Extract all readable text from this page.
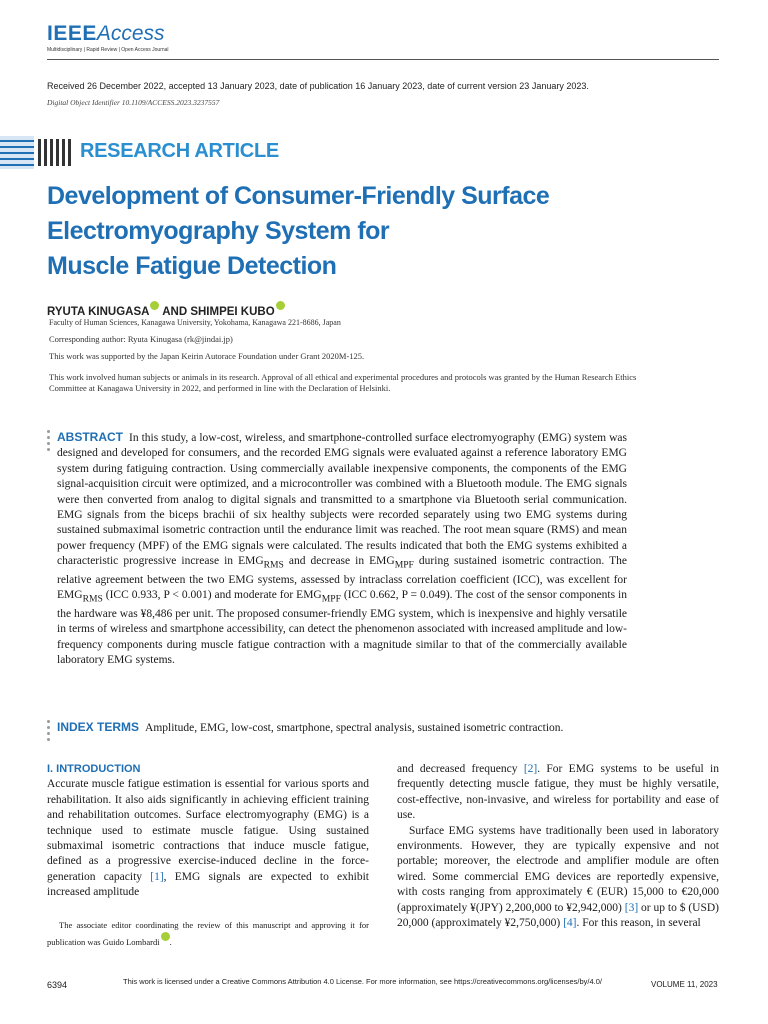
IEEEAccess
Multidisciplinary | Rapid Review | Open Access Journal
Received 26 December 2022, accepted 13 January 2023, date of publication 16 January 2023, date of current version 23 January 2023.
Digital Object Identifier 10.1109/ACCESS.2023.3237557
RESEARCH ARTICLE
Development of Consumer-Friendly Surface
Electromyography System for
Muscle Fatigue Detection
RYUTA KINUGASA AND SHIMPEI KUBO
Faculty of Human Sciences, Kanagawa University, Yokohama, Kanagawa 221-8686, Japan
Corresponding author: Ryuta Kinugasa (rk@jindai.jp)
This work was supported by the Japan Keirin Autorace Foundation under Grant 2020M-125.
This work involved human subjects or animals in its research. Approval of all ethical and experimental procedures and protocols was granted by the Human Research Ethics Committee at Kanagawa University in 2022, and performed in line with the Declaration of Helsinki.
ABSTRACT In this study, a low-cost, wireless, and smartphone-controlled surface electromyography (EMG) system was designed and developed for consumers, and the recorded EMG signals were evaluated against a reference laboratory EMG system during fatiguing contraction. Using commercially available inexpensive components, the components of the EMG signal-acquisition circuit were optimized, and a microcontroller was combined with a Bluetooth module. The EMG signals were then converted from analog to digital signals and transmitted to a smartphone via Bluetooth serial communication. EMG signals from the biceps brachii of six healthy subjects were recorded separately using two EMG systems during sustained submaximal isometric contraction until the endurance limit was reached. The root mean square (RMS) and mean power frequency (MPF) of the EMG signals were calculated. The results indicated that both the EMG systems exhibited a characteristic progressive increase in $EMG_{RMS}$ and decrease in $EMG_{MPF}$ during sustained isometric contraction. The relative agreement between the two EMG systems, assessed by intraclass correlation coefficient (ICC), was excellent for $EMG_{RMS}$ (ICC 0.933, P < 0.001) and moderate for $EMG_{MPF}$ (ICC 0.662, P = 0.049). The cost of the sensor components in the hardware was ¥8,486 per unit. The proposed consumer-friendly EMG system, which is inexpensive and highly versatile in terms of wireless and smartphone accessibility, can detect the phenomenon associated with increased amplitude and low-frequency components during muscle fatigue contraction with a magnitude similar to that of the commercially available laboratory EMG systems.
INDEX TERMS Amplitude, EMG, low-cost, smartphone, spectral analysis, sustained isometric contraction.
I. INTRODUCTION
Accurate muscle fatigue estimation is essential for various sports and rehabilitation. It also aids significantly in achieving efficient training and rehabilitation outcomes. Surface electromyography (EMG) is a technique used to estimate muscle fatigue. Using sustained submaximal isometric contractions that induce muscle fatigue, defined as a progressive exercise-induced decline in the force-generation capacity [1], EMG signals are expected to exhibit increased amplitude
The associate editor coordinating the review of this manuscript and approving it for publication was Guido Lombardi .
and decreased frequency [2]. For EMG systems to be useful in frequently detecting muscle fatigue, they must be highly versatile, cost-effective, non-invasive, and wireless for portability and ease of use.
Surface EMG systems have traditionally been used in laboratory environments. However, they are typically expensive and not portable; moreover, the electrode and amplifier module are often wired. Some commercial EMG devices are reportedly expensive, with costs ranging from approximately € (EUR) 15,000 to €20,000 (approximately ¥(JPY) 2,200,000 to ¥2,942,000) [3] or up to $ (USD) 20,000 (approximately ¥2,750,000) [4]. For this reason, in several
6394	This work is licensed under a Creative Commons Attribution 4.0 License. For more information, see https://creativecommons.org/licenses/by/4.0/	VOLUME 11, 2023
